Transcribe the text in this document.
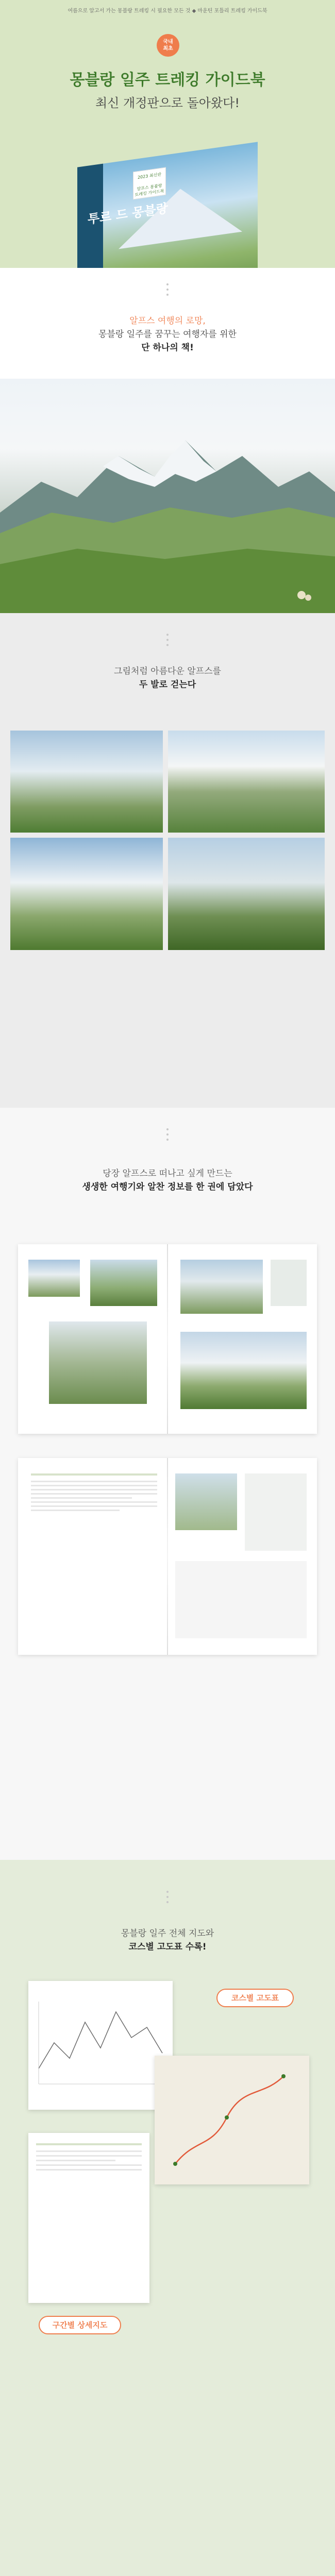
여름으로 알고서 가는 몽블랑 트레킹 시 필요한 모든 것 ◆ 마운틴 포틀리 트레킹 가이드북
국내
최초
몽블랑 일주 트레킹 가이드북
최신 개정판으로 돌아왔다!
2023 최신판

알프스 몽블랑
트레킹 가이드북
투르 드 몽블랑
알프스 여행의 로망,
몽블랑 일주를 꿈꾸는 여행자를 위한
단 하나의 책!
그림처럼 아름다운 알프스를
두 발로 걷는다
당장 알프스로 떠나고 싶게 만드는
생생한 여행기와 알찬 정보를 한 권에 담았다
몽블랑 일주 전체 지도와
코스별 고도표 수록!
코스별 고도표
구간별 상세지도
